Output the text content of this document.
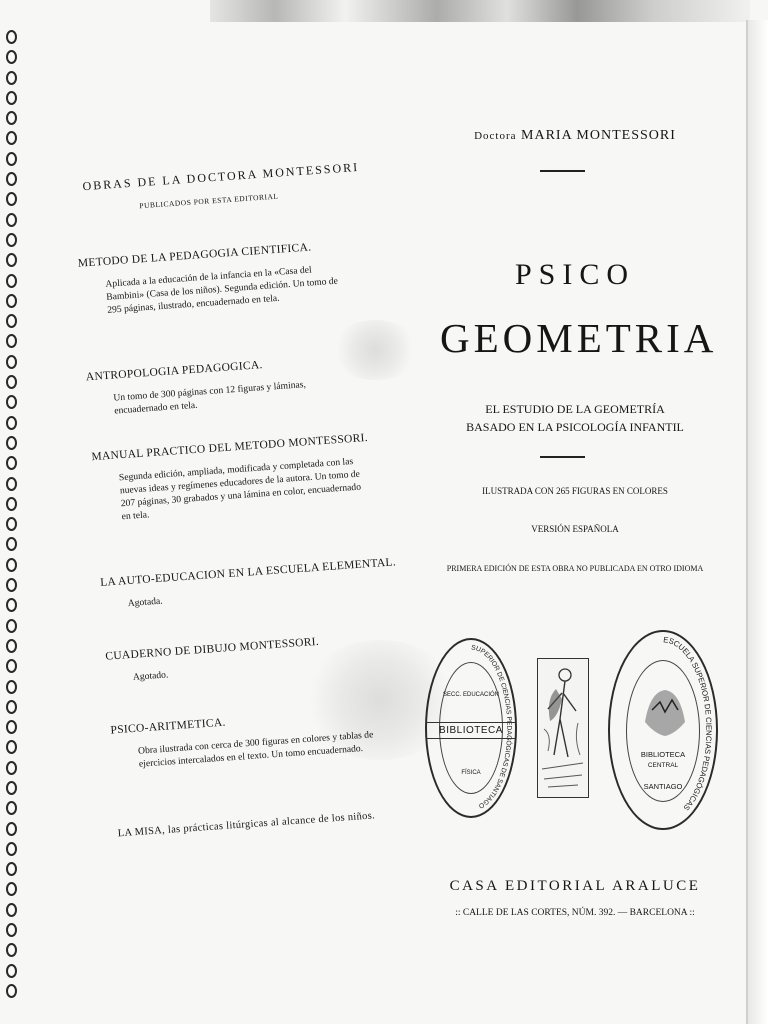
OBRAS DE LA DOCTORA MONTESSORI
PUBLICADOS POR ESTA EDITORIAL
METODO DE LA PEDAGOGIA CIENTIFICA.
Aplicada a la educación de la infancia en la «Casa del Bambini» (Casa de los niños). Segunda edición. Un tomo de 295 páginas, ilustrado, encuadernado en tela.
ANTROPOLOGIA PEDAGOGICA.
Un tomo de 300 páginas con 12 figuras y láminas, encuadernado en tela.
MANUAL PRACTICO DEL METODO MONTESSORI.
Segunda edición, ampliada, modificada y completada con las nuevas ideas y regímenes educadores de la autora. Un tomo de 207 páginas, 30 grabados y una lámina en color, encuadernado en tela.
LA AUTO-EDUCACION EN LA ESCUELA ELEMENTAL.
Agotada.
CUADERNO DE DIBUJO MONTESSORI.
Agotado.
PSICO-ARITMETICA.
Obra ilustrada con cerca de 300 figuras en colores y tablas de ejercicios intercalados en el texto. Un tomo encuadernado.
LA MISA, las prácticas litúrgicas al alcance de los niños.
Doctora MARIA MONTESSORI
PSICO
GEOMETRIA
EL ESTUDIO DE LA GEOMETRÍA
BASADO EN LA PSICOLOGÍA INFANTIL
ILUSTRADA CON 265 FIGURAS EN COLORES
VERSIÓN ESPAÑOLA
PRIMERA EDICIÓN DE ESTA OBRA NO PUBLICADA EN OTRO IDIOMA
CASA EDITORIAL ARALUCE
:: CALLE DE LAS CORTES, NÚM. 392. — BARCELONA ::
SUPERIOR DE CIENCIAS PEDAGÓGICAS DE SANTIAGO
SECC. EDUCACIÓN
BIBLIOTECA
FÍSICA
ESCUELA SUPERIOR DE CIENCIAS PEDAGÓGICAS
BIBLIOTECA
CENTRAL
SANTIAGO
